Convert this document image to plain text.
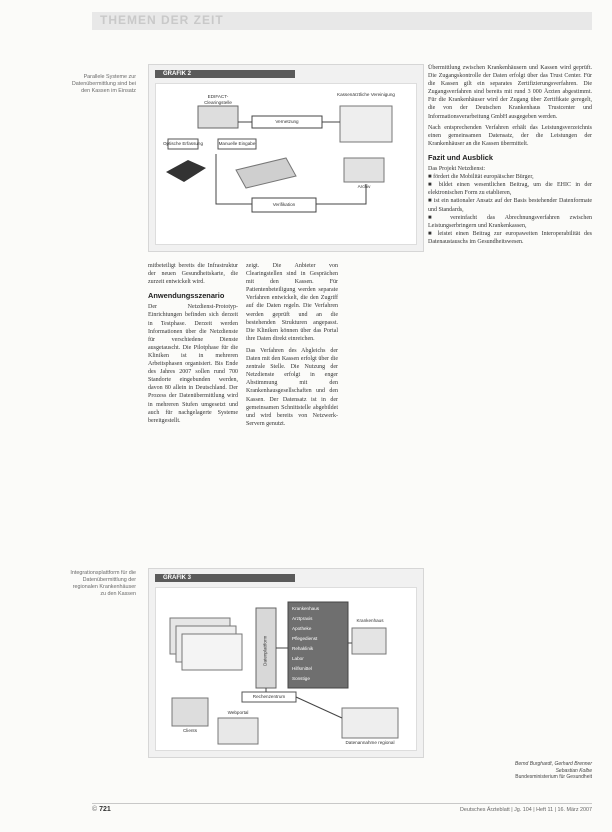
THEMEN DER ZEIT
Parallele Systeme zur Datenübermittlung sind bei den Kassen im Einsatz
Integrationsplattform für die Datenübermittlung der regionalen Krankenhäuser zu den Kassen
GRAFIK 2
EDIFACT-Clearingstelle
Kassenärztliche Vereinigung
Vernetzung
Optische Erfassung	Manuelle Eingabe
Archiv
Verifikation

mitbeteiligt bereits die Infrastruktur der neuen Gesundheitskarte, die zurzeit entwickelt wird.

Anwendungsszenario

Der Netzdienst-Prototyp-Einrichtungen befinden sich derzeit in Testphase. Derzeit werden Informationen über die Netzdienste für verschiedene Dienste ausgetauscht. Die Pilotphase für die Kliniken ist in mehreren Arbeitsphasen organisiert. Bis Ende des Jahres 2007 sollen rund 700 Standorte eingebunden werden, davon 80 allein in Deutschland. Der Prozess der Datenübermittlung wird in mehreren Stufen umgesetzt und auch für nachgelagerte Systeme bereitgestellt.

zeigt. Die Anbieter von Clearingstellen sind in Gesprächen mit den Kassen. Für Patientenbeteiligung werden separate Verfahren entwickelt, die den Zugriff auf die Daten regeln. Die Verfahren werden geprüft und an die bestehenden Strukturen angepasst. Die Kliniken können über das Portal ihre Daten direkt einreichen.

Das Verfahren des Abgleichs der Daten mit den Kassen erfolgt über die zentrale Stelle. Die Nutzung der Netzdienste erfolgt in enger Abstimmung mit den Krankenhausgesellschaften und den Kassen. Der Datensatz ist in der gemeinsamen Schnittstelle abgebildet und wird bereits von Netzwerk-Servern genutzt.

GRAFIK 3
Krankenhaus
Arztpraxis
Apotheke
Pflegedienst
Rehaklinik
Labor
Hilfsmittel
Sonstige
Krankenhaus
Datenplattform
Rechenzentrum
Clients
Webportal
Datenannahme regional

Übermittlung zwischen Krankenhäusern und Kassen wird geprüft. Die Zugangskontrolle der Daten erfolgt über das Trust Center. Für die Kassen gilt ein separates Zertifizierungsverfahren. Die Zugangsverfahren sind bereits mit rund 3 000 Ärzten abgestimmt. Für die Krankenhäuser wird der Zugang über Zertifikate geregelt, die von der Deutschen Krankenhaus Trustcenter und Informationsverarbeitung GmbH ausgegeben werden.

Nach entsprechenden Verfahren erhält das Leistungsverzeichnis einen gemeinsamen Datensatz, der die Leistungen der Krankenhäuser an die Kassen übermittelt.

Fazit und Ausblick

Das Projekt Netzdienst:

■ fördert die Mobilität europäischer Bürger,
■ bildet einen wesentlichen Beitrag, um die EHIC in der elektronischen Form zu etablieren,
■ ist ein nationaler Ansatz auf der Basis bestehender Datenformate und Standards,
■ vereinfacht das Abrechnungsverfahren zwischen Leistungserbringern und Krankenkassen,
■ leistet einen Beitrag zur europaweiten Interoperabilität des Datenaustauschs im Gesundheitswesen.
Bernd Burghardt, Gerhard Brenner
Sebastian Kolbe
Bundesministerium für Gesundheit
© 721	Deutsches Ärzteblatt | Jg. 104 | Heft 11 | 16. März 2007
